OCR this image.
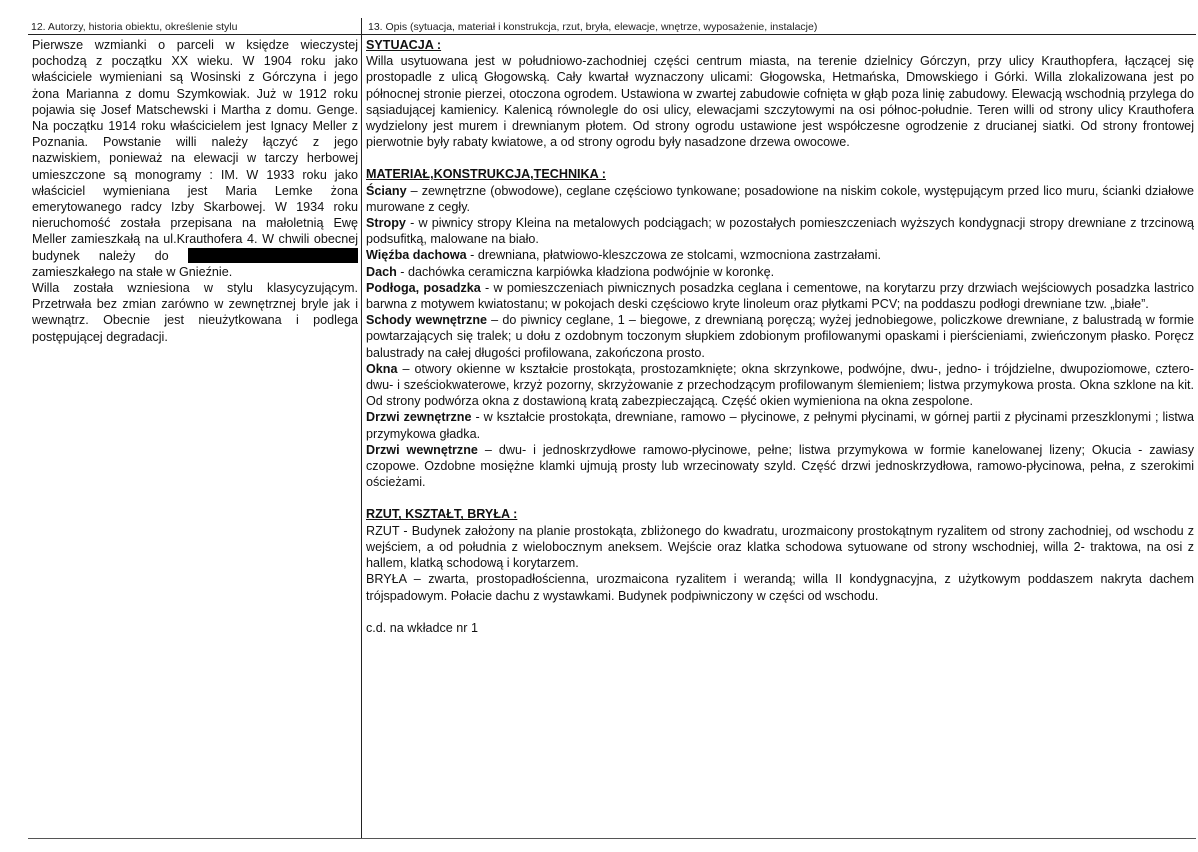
12. Autorzy, historia obiektu, określenie stylu	13. Opis (sytuacja, materiał i konstrukcja, rzut, bryła, elewacje, wnętrze, wyposażenie, instalacje)

Pierwsze wzmianki o parceli w księdze wieczystej pochodzą z początku XX wieku. W 1904 roku jako właściciele wymieniani są Wosinski z Górczyna i jego żona Marianna z domu Szymkowiak. Już w 1912 roku pojawia się Josef Matschewski i Martha z domu. Genge. Na początku 1914 roku właścicielem jest Ignacy Meller z Poznania. Powstanie willi należy łączyć z jego nazwiskiem, ponieważ na elewacji w tarczy herbowej umieszczone są monogramy : IM. W 1933 roku jako właściciel wymieniana jest Maria Lemke żona emerytowanego radcy Izby Skarbowej. W 1934 roku nieruchomość została przepisana na małoletnią Ewę Meller zamieszkałą na ul.Krauthofera 4. W chwili obecnej budynek należy do  zamieszkałego na stałe w Gnieźnie.

Willa została wzniesiona w stylu klasycyzującym. Przetrwała bez zmian zarówno w zewnętrznej bryle jak i wewnątrz. Obecnie jest nieużytkowana i podlega postępującej degradacji.

SYTUACJA :

Willa usytuowana jest w południowo-zachodniej części centrum miasta, na terenie dzielnicy Górczyn, przy ulicy Krauthopfera, łączącej się prostopadle z ulicą Głogowską. Cały kwartał wyznaczony ulicami: Głogowska, Hetmańska, Dmowskiego i Górki. Willa zlokalizowana jest po północnej stronie pierzei, otoczona ogrodem. Ustawiona w zwartej zabudowie cofnięta w głąb poza linię zabudowy. Elewacją wschodnią przylega do sąsiadującej kamienicy. Kalenicą równolegle do osi ulicy, elewacjami szczytowymi na osi północ-południe. Teren willi od strony ulicy Krauthofera wydzielony jest murem i drewnianym płotem. Od strony ogrodu ustawione jest współczesne ogrodzenie z drucianej siatki. Od strony frontowej pierwotnie były rabaty kwiatowe, a od strony ogrodu były nasadzone drzewa owocowe.

MATERIAŁ,KONSTRUKCJA,TECHNIKA :

Ściany – zewnętrzne (obwodowe), ceglane częściowo tynkowane; posadowione na niskim cokole, występującym przed lico muru, ścianki działowe murowane z cegły.

Stropy - w piwnicy stropy Kleina na metalowych podciągach; w pozostałych pomieszczeniach wyższych kondygnacji stropy drewniane z trzcinową podsufitką, malowane na biało.

Więźba dachowa - drewniana, płatwiowo-kleszczowa ze stolcami, wzmocniona zastrzałami.

Dach - dachówka ceramiczna karpiówka kładziona podwójnie w koronkę.

Podłoga, posadzka - w pomieszczeniach piwnicznych posadzka ceglana i cementowe, na korytarzu przy drzwiach wejściowych posadzka lastrico barwna z motywem kwiatostanu; w pokojach deski częściowo kryte linoleum oraz płytkami PCV; na poddaszu podłogi drewniane tzw. „białe”.

Schody wewnętrzne – do piwnicy ceglane, 1 – biegowe, z drewnianą poręczą; wyżej jednobiegowe, policzkowe drewniane, z balustradą w formie powtarzających się tralek; u dołu z ozdobnym toczonym słupkiem zdobionym profilowanymi opaskami i pierścieniami, zwieńczonym płasko. Poręcz balustrady na całej długości profilowana, zakończona prosto.

Okna – otwory okienne w kształcie prostokąta, prostozamknięte; okna skrzynkowe, podwójne, dwu-, jedno- i trójdzielne, dwupoziomowe, cztero- dwu- i sześciokwaterowe, krzyż pozorny, skrzyżowanie z przechodzącym profilowanym ślemieniem; listwa przymykowa prosta. Okna szklone na kit. Od strony podwórza okna z dostawioną kratą zabezpieczającą. Część okien wymieniona na okna zespolone.

Drzwi zewnętrzne - w kształcie prostokąta, drewniane, ramowo – płycinowe, z pełnymi płycinami, w górnej partii z płycinami przeszklonymi ; listwa przymykowa gładka.

Drzwi wewnętrzne – dwu- i jednoskrzydłowe ramowo-płycinowe, pełne; listwa przymykowa w formie kanelowanej lizeny; Okucia - zawiasy czopowe. Ozdobne mosiężne klamki ujmują prosty lub wrzecinowaty szyld. Część drzwi jednoskrzydłowa, ramowo-płycinowa, pełna, z szerokimi ościeżami.

RZUT, KSZTAŁT, BRYŁA :

RZUT - Budynek założony na planie prostokąta, zbliżonego do kwadratu, urozmaicony prostokątnym ryzalitem od strony zachodniej, od wschodu z wejściem, a od południa z wielobocznym aneksem. Wejście oraz klatka schodowa sytuowane od strony wschodniej, willa 2- traktowa, na osi z hallem, klatką schodową i korytarzem.

BRYŁA – zwarta, prostopadłościenna, urozmaicona ryzalitem i werandą; willa II kondygnacyjna, z użytkowym poddaszem nakryta dachem trójspadowym. Połacie dachu z wystawkami. Budynek podpiwniczony w części od wschodu.

c.d. na wkładce nr 1
